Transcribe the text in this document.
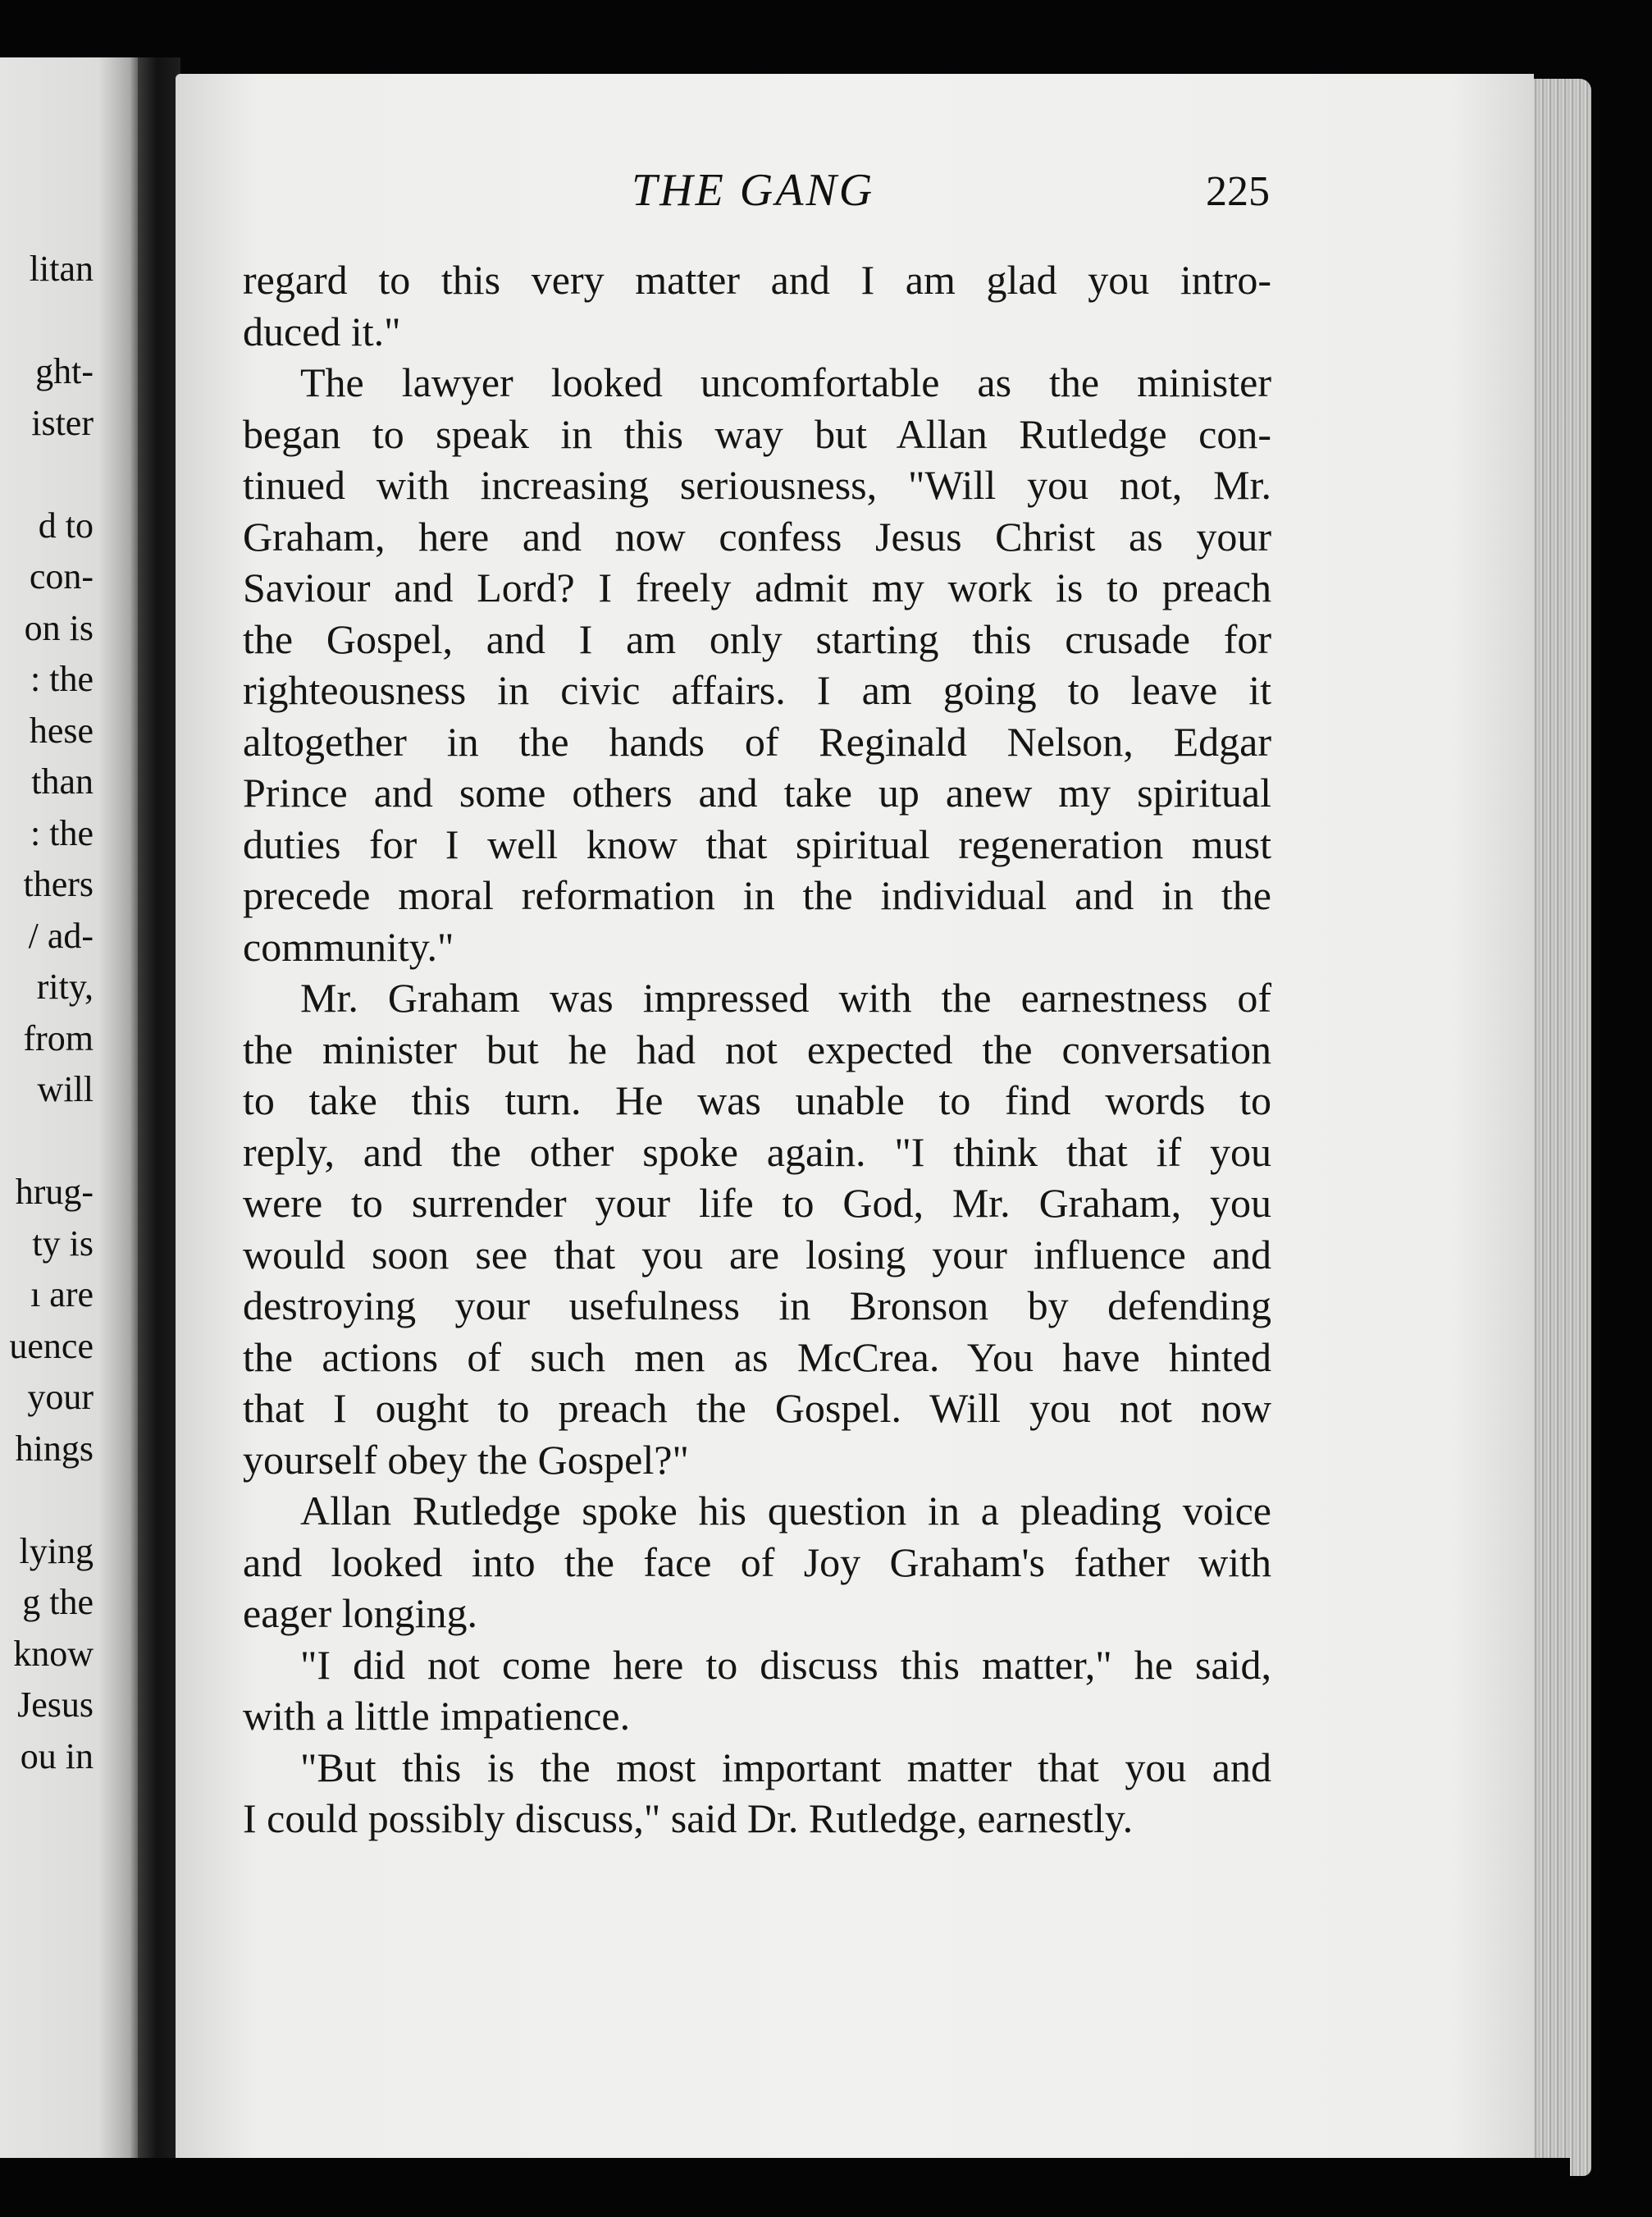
litan
ght-
ister
d to
con-
on is
: the
hese
than
: the
thers
/ ad-
rity,
from
will
hrug-
ty is
ı are
uence
your
hings
lying
g the
know
Jesus
ou in
THE GANG	225
regard to this very matter and I am glad you intro-
duced it."
The lawyer looked uncomfortable as the minister
began to speak in this way but Allan Rutledge con-
tinued with increasing seriousness, "Will you not, Mr.
Graham, here and now confess Jesus Christ as your
Saviour and Lord? I freely admit my work is to preach
the Gospel, and I am only starting this crusade for
righteousness in civic affairs. I am going to leave it
altogether in the hands of Reginald Nelson, Edgar
Prince and some others and take up anew my spiritual
duties for I well know that spiritual regeneration must
precede moral reformation in the individual and in the
community."
Mr. Graham was impressed with the earnestness of
the minister but he had not expected the conversation
to take this turn. He was unable to find words to
reply, and the other spoke again. "I think that if you
were to surrender your life to God, Mr. Graham, you
would soon see that you are losing your influence and
destroying your usefulness in Bronson by defending
the actions of such men as McCrea. You have hinted
that I ought to preach the Gospel. Will you not now
yourself obey the Gospel?"
Allan Rutledge spoke his question in a pleading voice
and looked into the face of Joy Graham's father with
eager longing.
"I did not come here to discuss this matter," he said,
with a little impatience.
"But this is the most important matter that you and
I could possibly discuss," said Dr. Rutledge, earnestly.
